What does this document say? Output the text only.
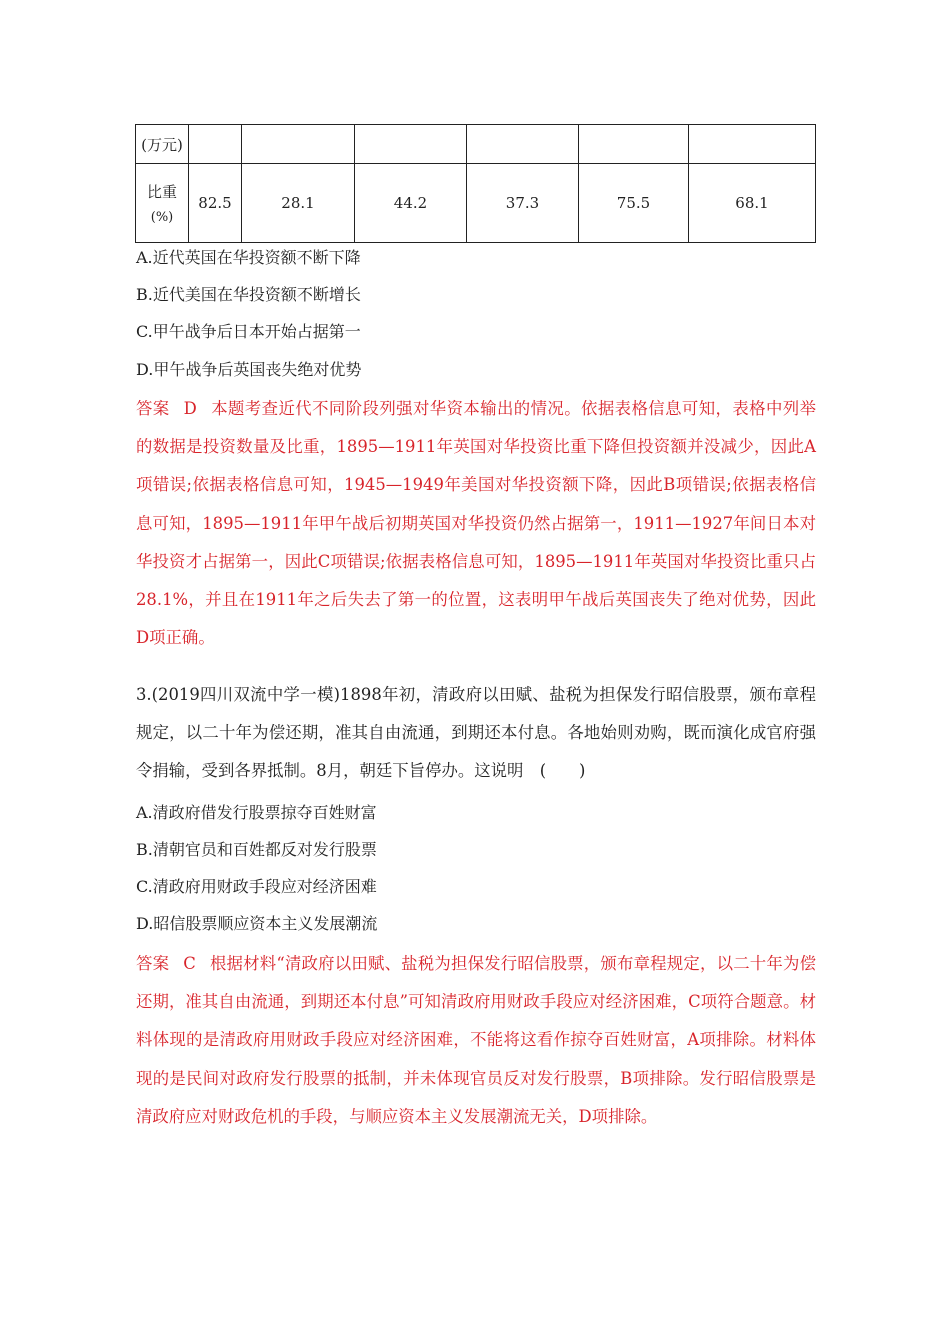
(万元)						
比重
(%)	82.5	28.1	44.2	37.3	75.5	68.1
A.近代英国在华投资额不断下降
B.近代美国在华投资额不断增长
C.甲午战争后日本开始占据第一
D.甲午战争后英国丧失绝对优势
答案 D 本题考查近代不同阶段列强对华资本输出的情况。依据表格信息可知，表格中列举的数据是投资数量及比重，1895—1911年英国对华投资比重下降但投资额并没减少，因此A项错误;依据表格信息可知，1945—1949年美国对华投资额下降，因此B项错误;依据表格信息可知，1895—1911年甲午战后初期英国对华投资仍然占据第一，1911—1927年间日本对华投资才占据第一，因此C项错误;依据表格信息可知，1895—1911年英国对华投资比重只占28.1%，并且在1911年之后失去了第一的位置，这表明甲午战后英国丧失了绝对优势，因此D项正确。
3.(2019四川双流中学一模)1898年初，清政府以田赋、盐税为担保发行昭信股票，颁布章程规定，以二十年为偿还期，准其自由流通，到期还本付息。各地始则劝购，既而演化成官府强令捐输，受到各界抵制。8月，朝廷下旨停办。这说明　(　　)
A.清政府借发行股票掠夺百姓财富
B.清朝官员和百姓都反对发行股票
C.清政府用财政手段应对经济困难
D.昭信股票顺应资本主义发展潮流
答案 C 根据材料“清政府以田赋、盐税为担保发行昭信股票，颁布章程规定，以二十年为偿还期，准其自由流通，到期还本付息”可知清政府用财政手段应对经济困难，C项符合题意。材料体现的是清政府用财政手段应对经济困难，不能将这看作掠夺百姓财富，A项排除。材料体现的是民间对政府发行股票的抵制，并未体现官员反对发行股票，B项排除。发行昭信股票是清政府应对财政危机的手段，与顺应资本主义发展潮流无关，D项排除。
